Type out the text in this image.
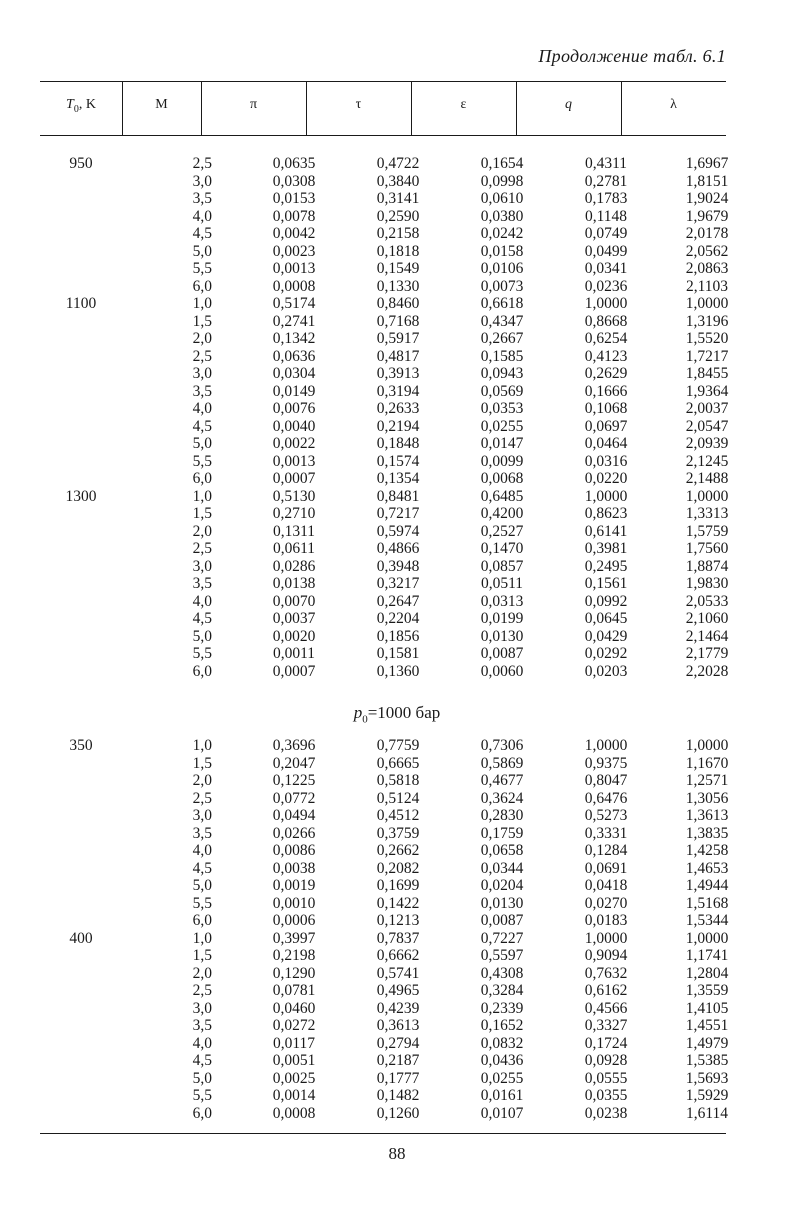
Продолжение табл. 6.1
$T_0$, K	M	π	τ	ε	q	λ
950	2,5	0,0635	0,4722	0,1654	0,4311	1,6967
	3,0	0,0308	0,3840	0,0998	0,2781	1,8151
	3,5	0,0153	0,3141	0,0610	0,1783	1,9024
	4,0	0,0078	0,2590	0,0380	0,1148	1,9679
	4,5	0,0042	0,2158	0,0242	0,0749	2,0178
	5,0	0,0023	0,1818	0,0158	0,0499	2,0562
	5,5	0,0013	0,1549	0,0106	0,0341	2,0863
	6,0	0,0008	0,1330	0,0073	0,0236	2,1103
1100	1,0	0,5174	0,8460	0,6618	1,0000	1,0000
	1,5	0,2741	0,7168	0,4347	0,8668	1,3196
	2,0	0,1342	0,5917	0,2667	0,6254	1,5520
	2,5	0,0636	0,4817	0,1585	0,4123	1,7217
	3,0	0,0304	0,3913	0,0943	0,2629	1,8455
	3,5	0,0149	0,3194	0,0569	0,1666	1,9364
	4,0	0,0076	0,2633	0,0353	0,1068	2,0037
	4,5	0,0040	0,2194	0,0255	0,0697	2,0547
	5,0	0,0022	0,1848	0,0147	0,0464	2,0939
	5,5	0,0013	0,1574	0,0099	0,0316	2,1245
	6,0	0,0007	0,1354	0,0068	0,0220	2,1488
1300	1,0	0,5130	0,8481	0,6485	1,0000	1,0000
	1,5	0,2710	0,7217	0,4200	0,8623	1,3313
	2,0	0,1311	0,5974	0,2527	0,6141	1,5759
	2,5	0,0611	0,4866	0,1470	0,3981	1,7560
	3,0	0,0286	0,3948	0,0857	0,2495	1,8874
	3,5	0,0138	0,3217	0,0511	0,1561	1,9830
	4,0	0,0070	0,2647	0,0313	0,0992	2,0533
	4,5	0,0037	0,2204	0,0199	0,0645	2,1060
	5,0	0,0020	0,1856	0,0130	0,0429	2,1464
	5,5	0,0011	0,1581	0,0087	0,0292	2,1779
	6,0	0,0007	0,1360	0,0060	0,0203	2,2028
$p_0=1000$ бар
350	1,0	0,3696	0,7759	0,7306	1,0000	1,0000
	1,5	0,2047	0,6665	0,5869	0,9375	1,1670
	2,0	0,1225	0,5818	0,4677	0,8047	1,2571
	2,5	0,0772	0,5124	0,3624	0,6476	1,3056
	3,0	0,0494	0,4512	0,2830	0,5273	1,3613
	3,5	0,0266	0,3759	0,1759	0,3331	1,3835
	4,0	0,0086	0,2662	0,0658	0,1284	1,4258
	4,5	0,0038	0,2082	0,0344	0,0691	1,4653
	5,0	0,0019	0,1699	0,0204	0,0418	1,4944
	5,5	0,0010	0,1422	0,0130	0,0270	1,5168
	6,0	0,0006	0,1213	0,0087	0,0183	1,5344
400	1,0	0,3997	0,7837	0,7227	1,0000	1,0000
	1,5	0,2198	0,6662	0,5597	0,9094	1,1741
	2,0	0,1290	0,5741	0,4308	0,7632	1,2804
	2,5	0,0781	0,4965	0,3284	0,6162	1,3559
	3,0	0,0460	0,4239	0,2339	0,4566	1,4105
	3,5	0,0272	0,3613	0,1652	0,3327	1,4551
	4,0	0,0117	0,2794	0,0832	0,1724	1,4979
	4,5	0,0051	0,2187	0,0436	0,0928	1,5385
	5,0	0,0025	0,1777	0,0255	0,0555	1,5693
	5,5	0,0014	0,1482	0,0161	0,0355	1,5929
	6,0	0,0008	0,1260	0,0107	0,0238	1,6114
88
